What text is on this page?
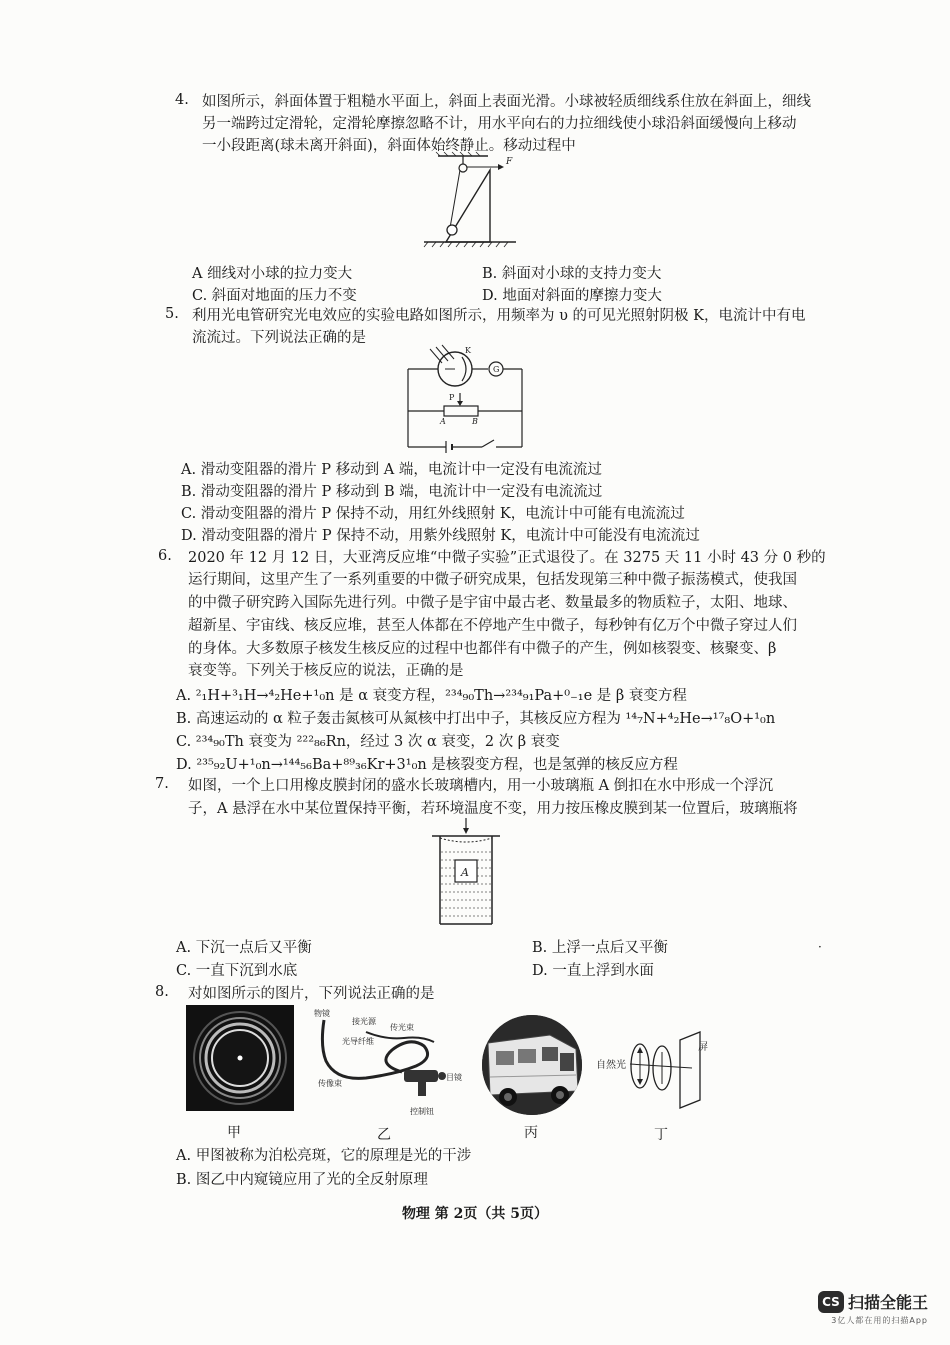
4. 如图所示，斜面体置于粗糙水平面上，斜面上表面光滑。小球被轻质细线系住放在斜面上，细线
另一端跨过定滑轮，定滑轮摩擦忽略不计，用水平向右的力拉细线使小球沿斜面缓慢向上移动
一小段距离(球未离开斜面)，斜面体始终静止。移动过程中
F
A 细线对小球的拉力变大	B. 斜面对小球的支持力变大
C. 斜面对地面的压力不变	D. 地面对斜面的摩擦力变大
5. 利用光电管研究光电效应的实验电路如图所示，用频率为 υ 的可见光照射阴极 K，电流计中有电
流流过。下列说法正确的是
K
G
P
A	B
A. 滑动变阻器的滑片 P 移动到 A 端，电流计中一定没有电流流过
B. 滑动变阻器的滑片 P 移动到 B 端，电流计中一定没有电流流过
C. 滑动变阻器的滑片 P 保持不动，用红外线照射 K，电流计中可能有电流流过
D. 滑动变阻器的滑片 P 保持不动，用紫外线照射 K，电流计中可能没有电流流过
6. 2020 年 12 月 12 日，大亚湾反应堆“中微子实验”正式退役了。在 3275 天 11 小时 43 分 0 秒的
运行期间，这里产生了一系列重要的中微子研究成果，包括发现第三种中微子振荡模式，使我国
的中微子研究跨入国际先进行列。中微子是宇宙中最古老、数量最多的物质粒子，太阳、地球、
超新星、宇宙线、核反应堆，甚至人体都在不停地产生中微子，每秒钟有亿万个中微子穿过人们
的身体。大多数原子核发生核反应的过程中也都伴有中微子的产生，例如核裂变、核聚变、β
衰变等。下列关于核反应的说法，正确的是
A. ²₁H+³₁H→⁴₂He+¹₀n 是 α 衰变方程，²³⁴₉₀Th→²³⁴₉₁Pa+⁰₋₁e 是 β 衰变方程
B. 高速运动的 α 粒子轰击氮核可从氮核中打出中子，其核反应方程为 ¹⁴₇N+⁴₂He→¹⁷₈O+¹₀n
C. ²³⁴₉₀Th 衰变为 ²²²₈₆Rn，经过 3 次 α 衰变，2 次 β 衰变
D. ²³⁵₉₂U+¹₀n→¹⁴⁴₅₆Ba+⁸⁹₃₆Kr+3¹₀n 是核裂变方程，也是氢弹的核反应方程
7. 如图，一个上口用橡皮膜封闭的盛水长玻璃槽内，用一小玻璃瓶 A 倒扣在水中形成一个浮沉
子，A 悬浮在水中某位置保持平衡，若环境温度不变，用力按压橡皮膜到某一位置后，玻璃瓶将
A
A. 下沉一点后又平衡	B. 上浮一点后又平衡
C. 一直下沉到水底	D. 一直上浮到水面
·
8. 对如图所示的图片，下列说法正确的是
物镜
接光源
传光束
光导纤维
传像束
目镜
控制钮
自然光
屏
甲	乙	丙	丁
A. 甲图被称为泊松亮斑，它的原理是光的干涉
B. 图乙中内窥镜应用了光的全反射原理
物理 第 2页（共 5页）
CS 扫描全能王
3亿人都在用的扫描App
